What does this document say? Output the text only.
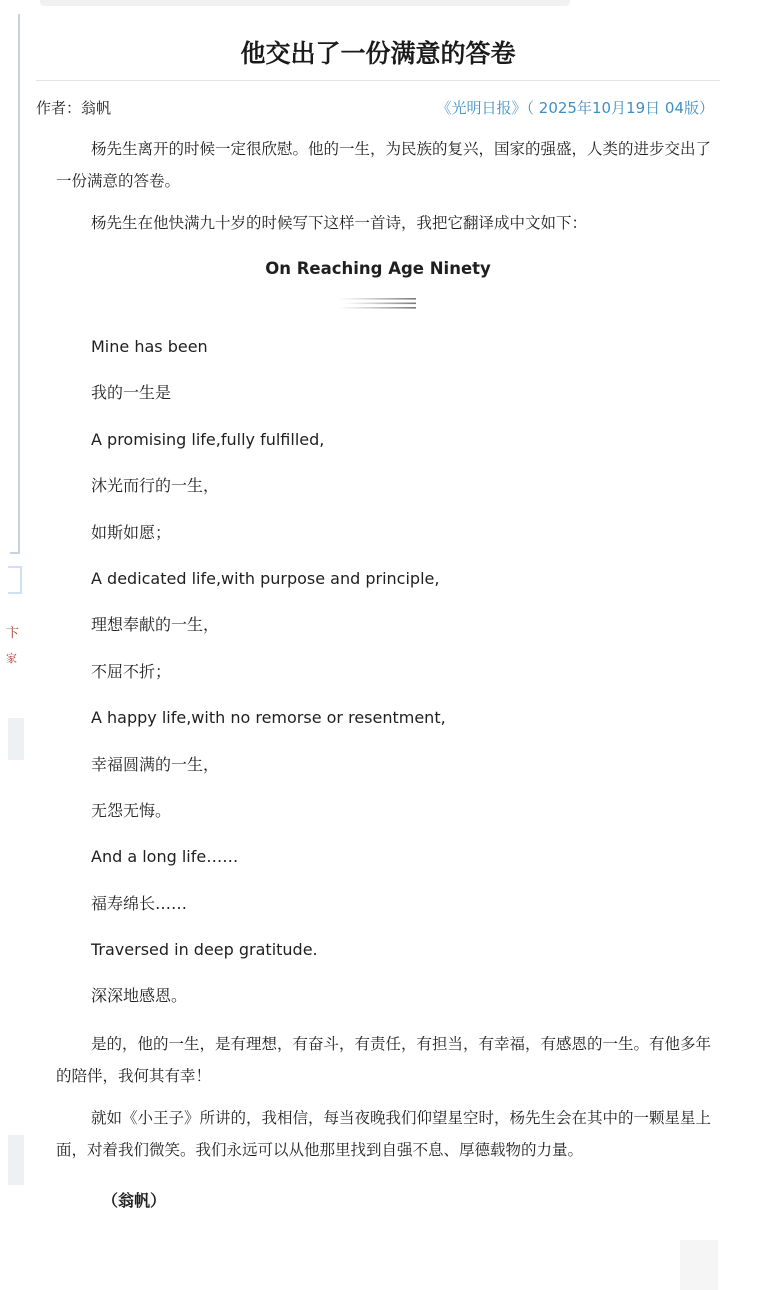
卞
家
他交出了一份满意的答卷
作者：翁帆	《光明日报》（ 2025年10月19日 04版）

杨先生离开的时候一定很欣慰。他的一生，为民族的复兴，国家的强盛，人类的进步交出了一份满意的答卷。

杨先生在他快满九十岁的时候写下这样一首诗，我把它翻译成中文如下：

On Reaching Age Ninety
Mine has been
我的一生是
A promising life,fully fulfilled,
沐光而行的一生，
如斯如愿；
A dedicated life,with purpose and principle,
理想奉献的一生，
不屈不折；
A happy life,with no remorse or resentment,
幸福圆满的一生，
无怨无悔。
And a long life……
福寿绵长……
Traversed in deep gratitude.
深深地感恩。

是的，他的一生，是有理想，有奋斗，有责任，有担当，有幸福，有感恩的一生。有他多年的陪伴，我何其有幸！

就如《小王子》所讲的，我相信，每当夜晚我们仰望星空时，杨先生会在其中的一颗星星上面，对着我们微笑。我们永远可以从他那里找到自强不息、厚德载物的力量。

（翁帆）
